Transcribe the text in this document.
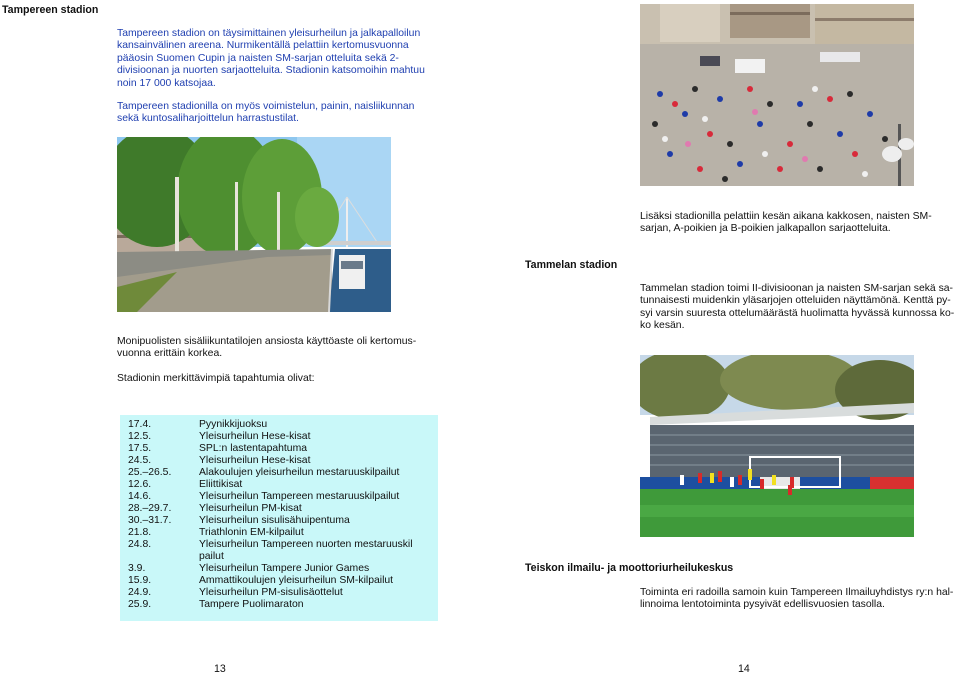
Tampereen stadion

Tampereen stadion on täysimittainen yleisurheilun ja jalkapalloilun

kansainvälinen areena. Nurmikentällä pelattiin kertomusvuonna

pääosin Suomen Cupin ja naisten SM-sarjan otteluita sekä 2-

divisioonan ja nuorten sarjaotteluita. Stadionin katsomoihin mahtuu

noin 17 000 katsojaa.

Tampereen stadionilla on myös voimistelun, painin, naisliikunnan

sekä kuntosaliharjoittelun harrastustilat.

Monipuolisten sisäliikuntatilojen ansiosta käyttöaste oli kertomus-

vuonna erittäin korkea.

Stadionin merkittävimpiä tapahtumia olivat:
17.4.	Pyynikkijuoksu
12.5.	Yleisurheilun Hese-kisat
17.5.	SPL:n lastentapahtuma
24.5.	Yleisurheilun Hese-kisat
25.–26.5.	Alakoulujen yleisurheilun mestaruuskilpailut
12.6.	Eliittikisat
14.6.	Yleisurheilun Tampereen mestaruuskilpailut
28.–29.7.	Yleisurheilun PM-kisat
30.–31.7.	Yleisurheilun sisulisähuipentuma
21.8.	Triathlonin EM-kilpailut
24.8.	Yleisurheilun Tampereen nuorten mestaruuskil
pailut
3.9.	Yleisurheilun Tampere Junior Games
15.9.	Ammattikoulujen yleisurheilun SM-kilpailut
24.9.	Yleisurheilun PM-sisulisäottelut
25.9.	Tampere Puolimaraton
13

Lisäksi stadionilla pelattiin kesän aikana kakkosen, naisten SM-

sarjan, A-poikien ja B-poikien jalkapallon sarjaotteluita.

Tammelan stadion

Tammelan stadion toimi II-divisioonan ja naisten SM-sarjan sekä sa-

tunnaisesti muidenkin yläsarjojen otteluiden näyttämönä. Kenttä py-

syi varsin suuresta ottelumäärästä huolimatta hyvässä kunnossa ko-

ko kesän.

Teiskon ilmailu- ja moottoriurheilukeskus

Toiminta eri radoilla samoin kuin Tampereen Ilmailuyhdistys ry:n hal-

linnoima lentotoiminta pysyivät edellisvuosien tasolla.

14
